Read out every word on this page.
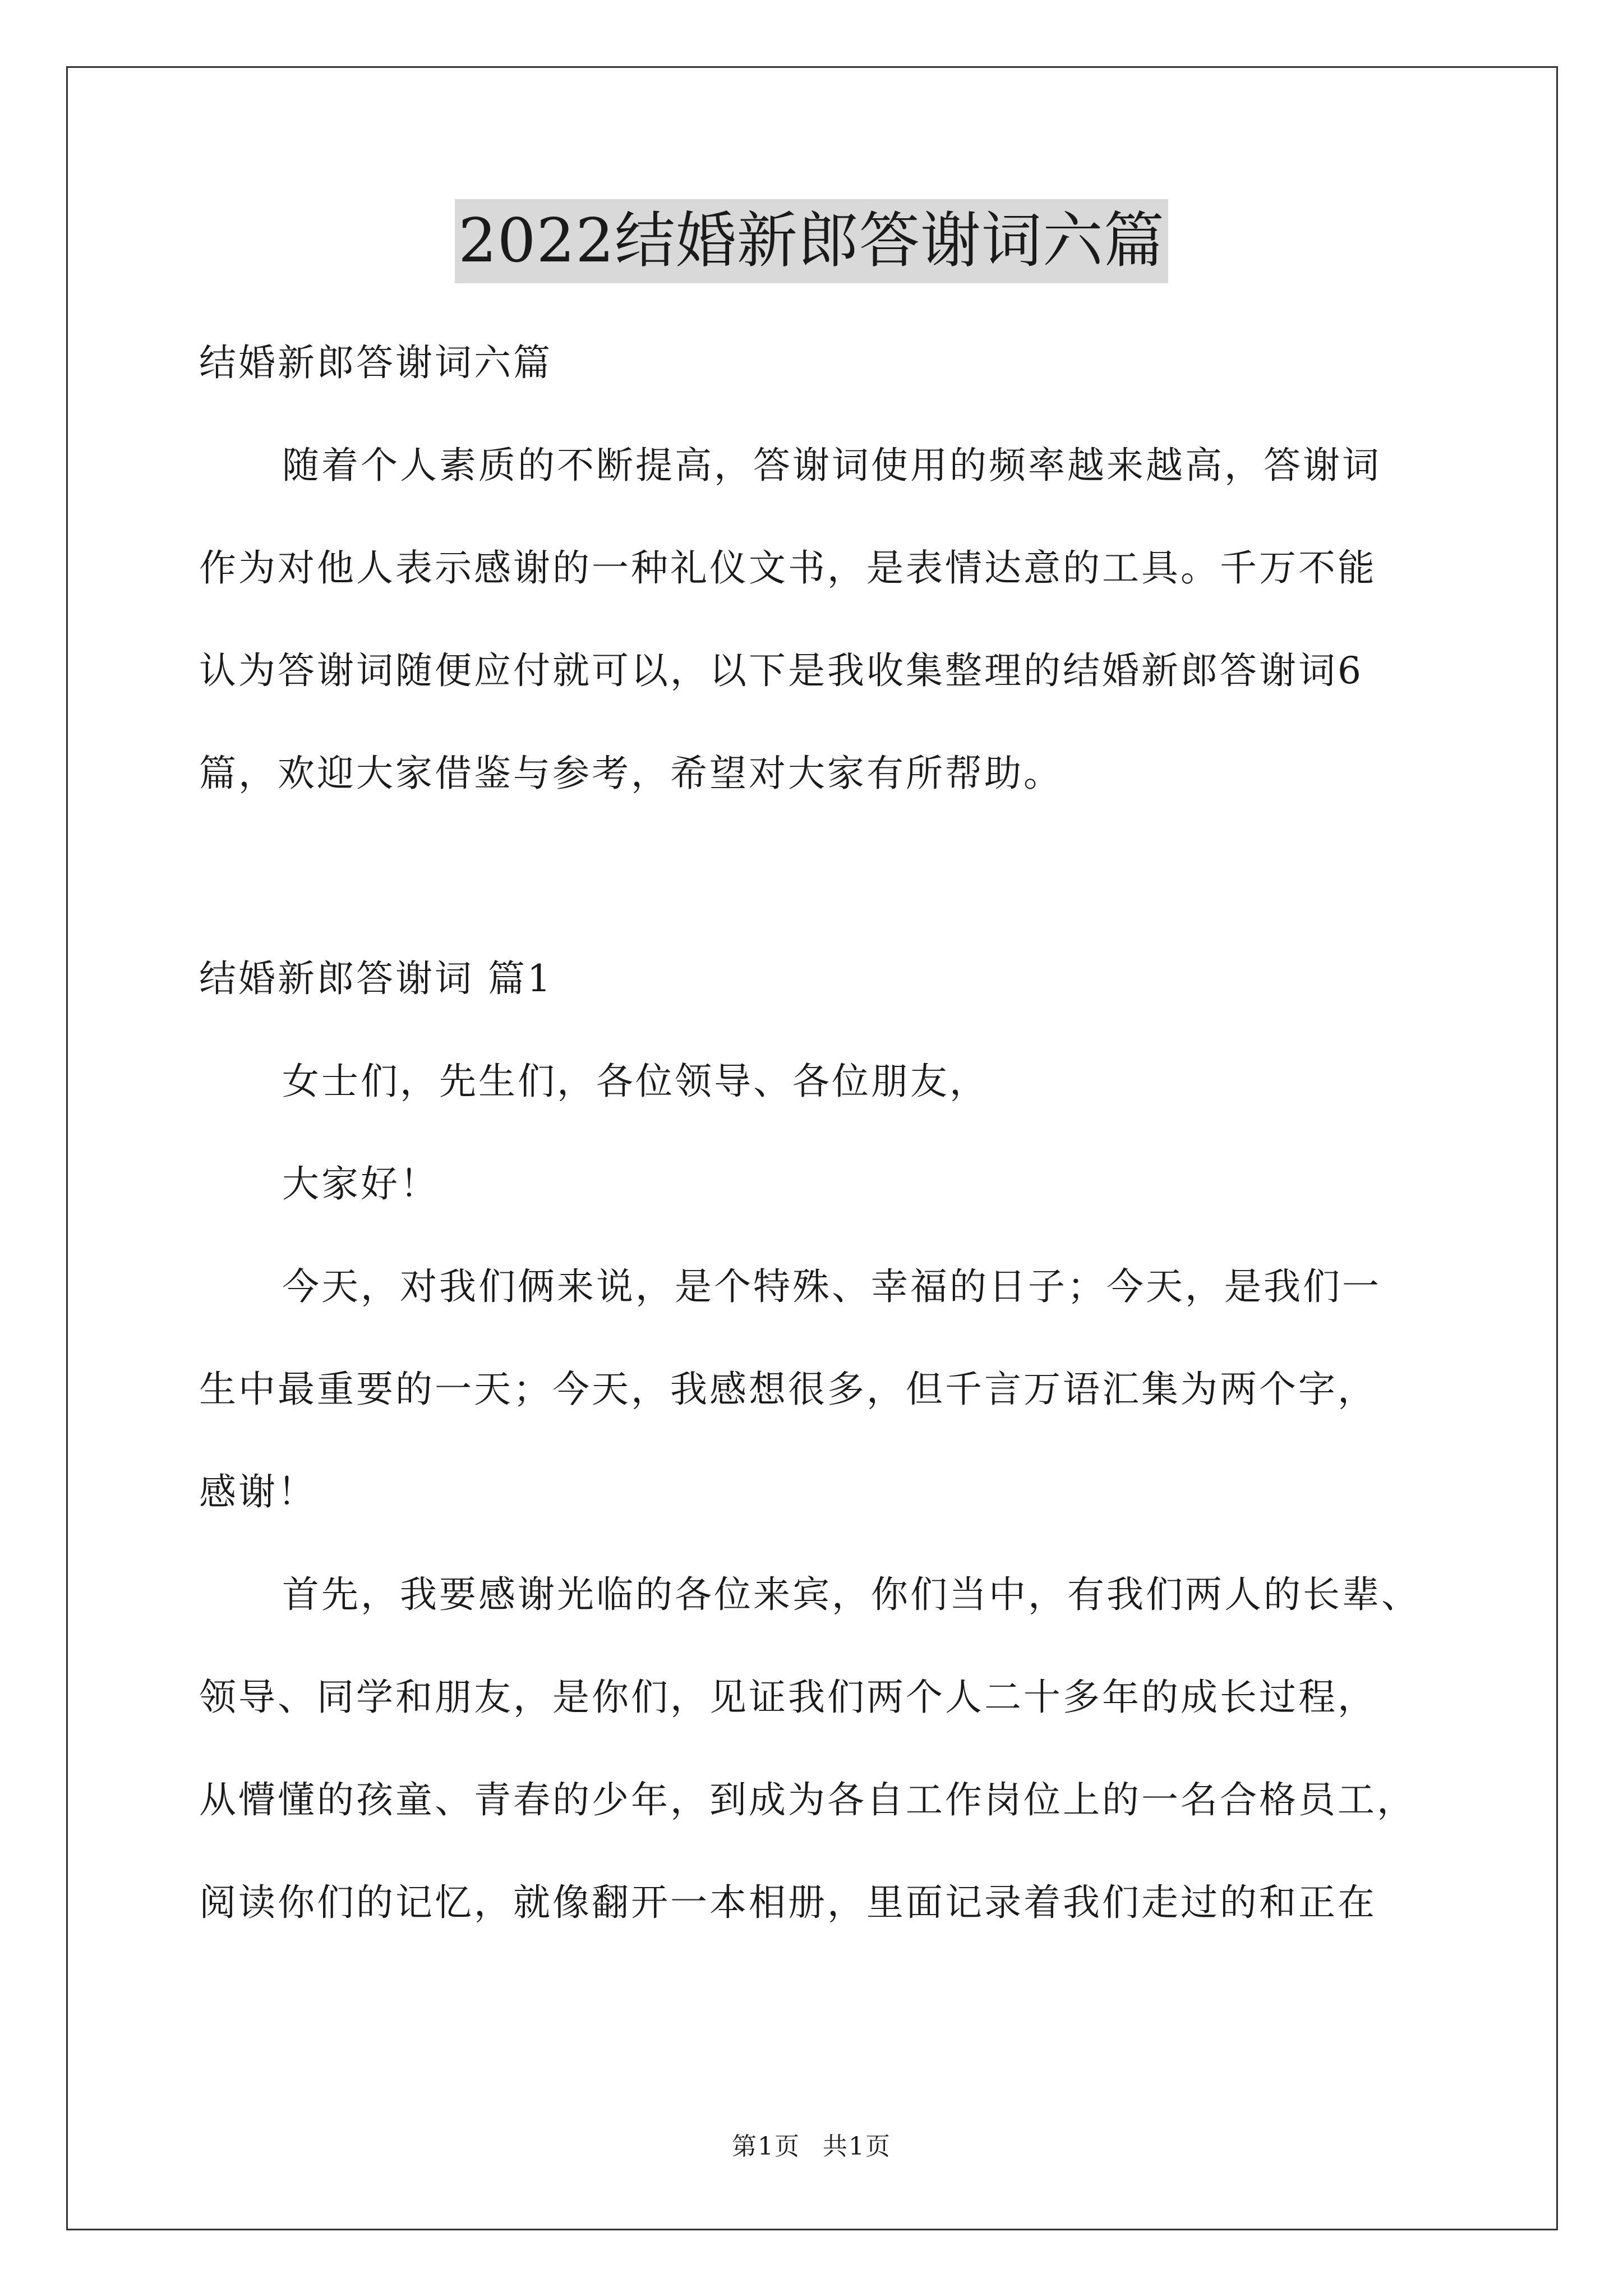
2022结婚新郎答谢词六篇
结婚新郎答谢词六篇
随着个人素质的不断提高，答谢词使用的频率越来越高，答谢词
作为对他人表示感谢的一种礼仪文书，是表情达意的工具。千万不能
认为答谢词随便应付就可以，以下是我收集整理的结婚新郎答谢词6
篇，欢迎大家借鉴与参考，希望对大家有所帮助。
结婚新郎答谢词 篇1
女士们，先生们，各位领导、各位朋友，
大家好！
今天，对我们俩来说，是个特殊、幸福的日子；今天，是我们一
生中最重要的一天；今天，我感想很多，但千言万语汇集为两个字，
感谢！
首先，我要感谢光临的各位来宾，你们当中，有我们两人的长辈、
领导、同学和朋友，是你们，见证我们两个人二十多年的成长过程，
从懵懂的孩童、青春的少年，到成为各自工作岗位上的一名合格员工，
阅读你们的记忆，就像翻开一本相册，里面记录着我们走过的和正在
第1页 共1页
